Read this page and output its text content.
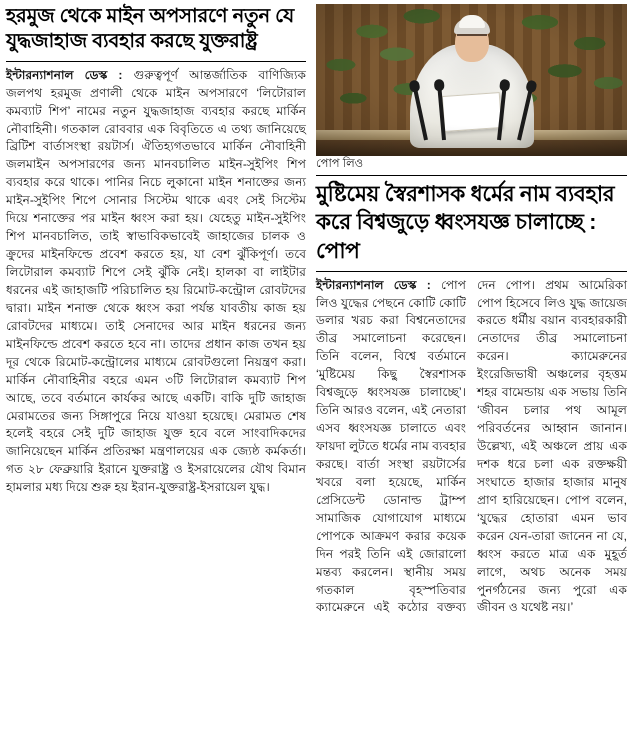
হরমুজ থেকে মাইন অপসারণে নতুন যে যুদ্ধজাহাজ ব্যবহার করছে যুক্তরাষ্ট্র

ইন্টারন্যাশনাল ডেস্ক : গুরুত্বপূর্ণ আন্তর্জাতিক বাণিজ্যিক জলপথ হরমুজ প্রণালী থেকে মাইন অপসারণে ‘লিটোরাল কমব্যাট শিপ’ নামের নতুন যুদ্ধজাহাজ ব্যবহার করছে মার্কিন নৌবাহিনী। গতকাল রোববার এক বিবৃতিতে এ তথ্য জানিয়েছে ব্রিটিশ বার্তাসংস্থা রয়টার্স। ঐতিহ্যগতভাবে মার্কিন নৌবাহিনী জলমাইন অপসারণের জন্য মানবচালিত মাইন-সুইপিং শিপ ব্যবহার করে থাকে। পানির নিচে লুকানো মাইন শনাক্তের জন্য মাইন-সুইপিং শিপে সোনার সিস্টেম থাকে এবং সেই সিস্টেম দিয়ে শনাক্তের পর মাইন ধ্বংস করা হয়। যেহেতু মাইন-সুইপিং শিপ মানবচালিত, তাই স্বাভাবিকভাবেই জাহাজের চালক ও ক্রুদের মাইনফিল্ডে প্রবেশ করতে হয়, যা বেশ ঝুঁকিপূর্ণ। তবে লিটোরাল কমব্যাট শিপে সেই ঝুঁকি নেই। হালকা বা লাইটার ধরনের এই জাহাজটি পরিচালিত হয় রিমোট-কন্ট্রোল রোবটদের দ্বারা। মাইন শনাক্ত থেকে ধ্বংস করা পর্যন্ত যাবতীয় কাজ হয় রোবটদের মাধ্যমে। তাই সেনাদের আর মাইন ধরনের জন্য মাইনফিল্ডে প্রবেশ করতে হবে না। তাদের প্রধান কাজ তখন হয় দূর থেকে রিমোট-কন্ট্রোলের মাধ্যমে রোবটগুলো নিয়ন্ত্রণ করা। মার্কিন নৌবাহিনীর বহরে এমন ৩টি লিটোরাল কমব্যাট শিপ আছে, তবে বর্তমানে কার্যকর আছে একটি। বাকি দুটি জাহাজ মেরামতের জন্য সিঙ্গাপুরে নিয়ে যাওয়া হয়েছে। মেরামত শেষ হলেই বহরে সেই দুটি জাহাজ যুক্ত হবে বলে সাংবাদিকদের জানিয়েছেন মার্কিন প্রতিরক্ষা মন্ত্রণালয়ের এক জ্যেষ্ঠ কর্মকর্তা। গত ২৮ ফেব্রুয়ারি ইরানে যুক্তরাষ্ট্র ও ইসরায়েলের যৌথ বিমান হামলার মধ্য দিয়ে শুরু হয় ইরান-যুক্তরাষ্ট্র-ইসরায়েল যুদ্ধ।

পোপ লিও
মুষ্টিমেয় স্বৈরশাসক ধর্মের নাম ব্যবহার করে বিশ্বজুড়ে ধ্বংসযজ্ঞ চালাচ্ছে : পোপ

ইন্টারন্যাশনাল ডেস্ক : পোপ লিও যুদ্ধের পেছনে কোটি কোটি ডলার খরচ করা বিশ্বনেতাদের তীব্র সমালোচনা করেছেন। তিনি বলেন, বিশ্বে বর্তমানে ‘মুষ্টিমেয় কিছু স্বৈরশাসক বিশ্বজুড়ে ধ্বংসযজ্ঞ চালাচ্ছে’। তিনি আরও বলেন, এই নেতারা এসব ধ্বংসযজ্ঞ চালাতে এবং ফায়দা লুটতে ধর্মের নাম ব্যবহার করছে। বার্তা সংস্থা রয়টার্সের খবরে বলা হয়েছে, মার্কিন প্রেসিডেন্ট ডোনাল্ড ট্রাম্প সামাজিক যোগাযোগ মাধ্যমে পোপকে আক্রমণ করার কয়েক দিন পরই তিনি এই জোরালো মন্তব্য করলেন। স্থানীয় সময় গতকাল বৃহস্পতিবার ক্যামেরুনে এই কঠোর বক্তব্য দেন পোপ। প্রথম আমেরিকা পোপ হিসেবে লিও যুদ্ধ জায়েজ করতে ধর্মীয় বয়ান ব্যবহারকারী নেতাদের তীব্র সমালোচনা করেন। ক্যামেরুনের ইংরেজিভাষী অঞ্চলের বৃহত্তম শহর বামেন্ডায় এক সভায় তিনি ‘জীবন চলার পথ আমূল পরিবর্তনের আহ্বান জানান। উল্লেখ্য, এই অঞ্চলে প্রায় এক দশক ধরে চলা এক রক্তক্ষয়ী সংঘাতে হাজার হাজার মানুষ প্রাণ হারিয়েছেন। পোপ বলেন, ‘যুদ্ধের হোতারা এমন ভাব করেন যেন-তারা জানেন না যে, ধ্বংস করতে মাত্র এক মুহূর্ত লাগে, অথচ অনেক সময় পুনর্গঠনের জন্য পুরো এক জীবন ও যথেষ্ট নয়।’
